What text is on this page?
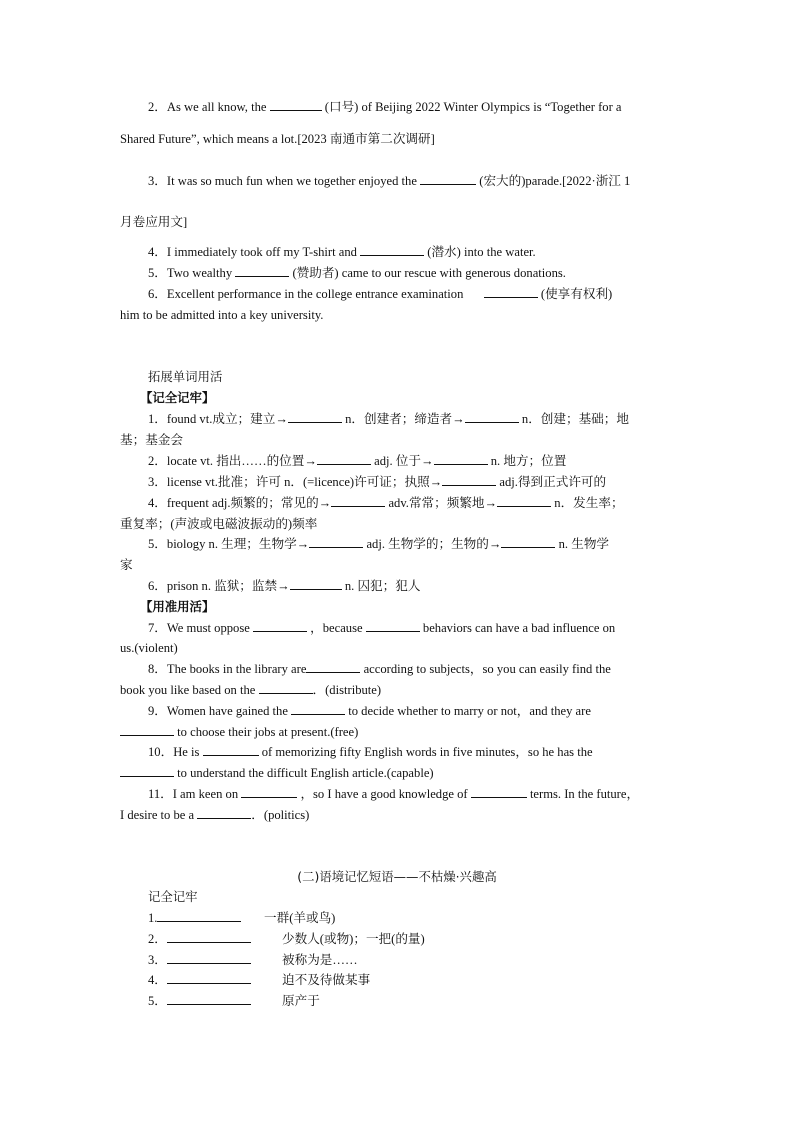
2．As we all know, the	(口号) of Beijing 2022 Winter Olympics is “Together for a
Shared Future”, which means a lot.[2023 南通市第二次调研]
3．It was so much fun when we together enjoyed the	(宏大的)parade.[2022·浙江 1
月卷应用文]
4．I immediately took off my T-shirt and	(潜水) into the water.
5．Two wealthy	(赞助者) came to our rescue with generous donations.
6．Excellent performance in the college entrance examination	(使享有权利)
him to be admitted into a key university.
拓展单词用活
【记全记牢】
1．found vt.成立；建立→	n．创建者；缔造者→	n．创建；基础；地
基；基金会
2．locate vt. 指出……的位置→	adj. 位于→	n. 地方；位置
3．license vt.批准；许可 n．(=licence)许可证；执照→	adj.得到正式许可的
4．frequent adj.频繁的；常见的→	adv.常常；频繁地→	n．发生率；
重复率；(声波或电磁波振动的)频率
5．biology n. 生理；生物学→	adj. 生物学的；生物的→	n. 生物学
家
6．prison n. 监狱；监禁→	n. 囚犯；犯人
【用准用活】
7．We must oppose	，because	behaviors can have a bad influence on
us.(violent)
8．The books in the library are	according to subjects，so you can easily find the
book you like based on the	．(distribute)
9．Women have gained the	to decide whether to marry or not，and they are
to choose their jobs at present.(free)
10．He is	of memorizing fifty English words in five minutes，so he has the
to understand the difficult English article.(capable)
11．I am keen on	，so I have a good knowledge of	terms. In the future，
I desire to be a	．(politics)
(二)语境记忆短语——不枯燥·兴趣高
记全记牢
1.	一群(羊或鸟)
2．	少数人(或物)；一把(的量)
3．	被称为是……
4．	迫不及待做某事
5．	原产于
